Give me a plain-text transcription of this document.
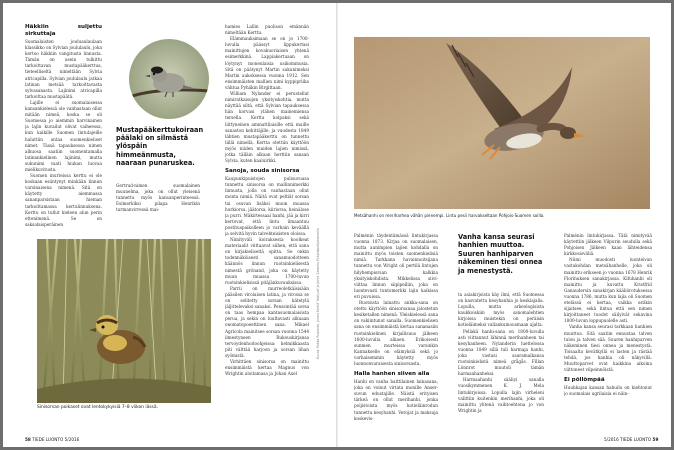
Häkkiin suljettu sirkuttaja

Suomalaisten jouluaulaulaan klassikko on Sylvian joululaulu, joka kertoo häkkiin vangitusta linnusta. Tämän on usein tulkittu tarkoittavan mustapääkerttua, tieteelliseltä nimeltään Sylvia atricapilla. Sylvian joululaulu jatkaa latinan metsää tarkoittavasta sylvasanasta. Lajinimi atricapilla tarkoittaa mustapäätä.

Lajille ei suomalaisessa kansankielessä ole vanhastaan ollut mitään nimeä, koska se oli Suomessa jo aiemmin harvinainen ja lajin kuvailut olivat vaiheessa, kun kaikille Suomen lintulajeille haluttiin antaa suomenkieliset nimet. Tässä tapauksessa nimen alkuosa saatiin suomentamalla latinankielinen lajinimi, mutta sukunimi vaati hiukan luovaa mielikuvitusta.

Suomen murteissa kerttu ei ole koskaan esiintynyt minkään linnun varsinaisena nimenä. Sitä on käytetty aiemmassa sananparsistaan hieman tarkoittamassa kertulinnuksena. Kerttu on tullut kieleen alun perin ettenimenä. Se on saksalaisperäinen

Mustapääkerttukoiraan päälaki on silmästä ylöspäin himmeänmusta, naaraan punaruskea.

Gertrud-nimen suomalainen muunelma, joka on ollut yleisenä tunnettu myös kansanperinteessä. Esimerkiksi pilapa Henrikin turmanvirressä mai-

hamies Lallin puolison emännän nimeltään Kerttu.

Elämmauksimaan se on jo 1700-luvulla päässyt lippukertasi mainittujen kovakuoriaisen yhtenä esimerkkinä. Lappiakertuaan on löytynyt monenlaisia usikommusia. Sitä on päätynyt Martin sukunimeksi Martin aukoksessa vuonna 1912. Sen ensimmäisten mallien nimi kyppipriika vähtua Pyhäkin Birgittaan.

William Nylander ei perustellut nimiratkaisujen yksityiskohtia, mutta näyttää siltä, että Sylvian tapauksessa hän korvasi ylähen mainemiensa tersella. Kertta kolpaksi sekä liittyneinen ammattilaisille että muille sanaston kehittäjille, ja vuodesta 1849 lähtien mustapääkerttu on tunnettu tällä nimellä. Kertta otettiin käyttöön myös niiden muiden lajien nimissä, jotka tälläin alkaan herttiin sanaan Sylvia, kuten kaaluirkki.

Sanoja, souda sinisorsa

Kaupunkipuistojen pulisuvuasa tunnettu sinisorsa on mallinnimerkki linnusta, jolla on vanhastaan ollut monta nimiä. Näitä ovat peltiät sorsan tai osuvan lisäksi muun muassa hurkiorsa, jäätorsa, kiiriorsa, heinälose ja purri. Mäkirtessaai hanhi, jää ja kirri kertovat, että lintu ilmaantuu postituspaikolleen jo varhain keväällä ja selvitä hyvin talvehteisisten oloissa.

Nimityväli koiraksesta koolkeat materiaalit viittaavat siihen, että sana on kirjakieliseltä opitta. Se onkin todennäköisesti sanamuodotteen käännös linnun ruotsinkielisestä nimestä grönand, joka on käytetty muun muassa 1700-luvun ruotsinkielisissä pitäjänkuvauksissa.

Parrii on murreoletkäisisään pääsilen virolaisen latina, ja virossa se on selitetty sorsan kätetylä jäljittelevaksi sanaksi. Penssintää sorsa on taas hempaa kantasuomalaisista perua, ja sekin on luultavasti alkuaan onomatopoeettinen sana. Mikael Agricola mainitsee sorsan vuonna 1544 ilmestyneen Rukouskirjansa tervoydenhoitoohjeissa: kelmikkaasta piti välttää harjoon ja sorsan lihan syömistä.

Virhittäen sinisorsa on mainittu ensimmäistä kertaa Magnus von Wrightin aloitamasa ja Johan Axel

Sinisorsan poikaset ovat lentokykyisiä 7–8 viikon iässä.
Kuvat: Pekka Rusanen, Jonna Ernist Yesilyurt ja Jonni Salmela Pohjoispohjanmaalla
58 TIEDE LUONTO 5/2016
Metsähanhi on meriharhea vähän pienempi. Lintu pesii harvakseltaan Pohjois-Suomen soilla.

Palménin täydentämässä lintukirjassa vuonna 1873. Kirjaa on suomalaisen, mutta aunimpien lajien kohdalla on mainittu myös toisten suomenkielisiä nimiä. Tarkkana havainnoitsijana tunnettu von Wright oli pertilä lintujen hilyhempiorsan kalkkia yksityiskohdista. Mikkelissa siivi- viittaa linnun siipipeiliin, joka on luontevasti tuntomerkki lajin kaikissa eri puvuissa.

Ruotsista lainattu ankka-sana on otettu käyttöön sinisorsanaa jalostetun kesiketallen nimenä. Yleiskielessä sana on vakiintunut sanalla. Suomenkielisen sana on ensimmäistä kertaa sananasiin ruotsinkielinen kirjallisuus jälkeen 1600-luvulla alkaen. Erikoisesti sunmen murteissa varsinkin Kannakselle on elämyksiä sekä jo varhaisemmin käytetty myös luonnonvaraisesta sinisorsasta.

Halla hanhen siiven alla

Hanhi on vanha balttilainen lainasana, joka on voinut virtata monille Anser-suvun edustajille. Näistä erityisen tärkeä on ollut merihanhi, jonka poijistoista myös kotieläinrodun tunnettu kesyhanhi. Verojat ja maksuja koskevis-

Vanha kansa seurasi hanhien muuttoa. Suuren hanhiparven näkeminen tiesi onnea ja menestystä.

ta asiakirjoista käy ilmi, että Suomessa on kasvatettu kesyhanhia jo keskiajalla. Lopulla, mutta arkeologisista kaukkoiskiin myös sanomalehtien kirjoissa muistekin on peräisin kotieläimeksi vallankumousmaan ajalta.

Pellakä hanhi-sana on 1800-luvulla asti viittannut lähinnä merihanheen tai kesyhanheen. Nylanderin luettelossa vuonna 1849 sillä tuli harmaja hanhi, joka vastasi saaramalkansa ruotsinkielistä nimeä grågås. Fillan Lönnrot muutoli tämän harmaahanheksi.

Harmaahanhi sääliyi sanalla vuosikymmenen K. J. Mela lintukirjoissa. Lopulla lajin virheleni valittiin kuitenkin merihanhi, joka oli mainittu yhtenä vaihtoehtona jo von Wrightin ja

Palménin lintukirjassa. Tätä nimityvää käytettiin jälkeen Vilpurin seudulla sekä Pohjoisen Jälkeen kaan lähteidensa kirkkosisväliä.

Niimi muodosti luonteivan vastakohdan metsähanhelle, joka oli mainittu erikseen jo vuonna 1678 Henrik Florinuksen sanakirjassa. Kifuhanhi oli mainittu ja kuvattu Kristfrid Ganaudersin sanakirjan kääliörotuksessa vuonna 1786, mutta kun lajia oli Suomen etelässä ei kertaa, vaikka ostikin sijaitsee, sekä lintua että sen nimen kirjoittaneet tuodot säilyivät sekavina 1800-luvun loppupuolelle asti.

Vanha kansa seurasi tarkkaan hanhien muuttoa. Sitä saatiin ennustaa talven tulon ja talven sää. Suuren hanhiparven näkeminen tiesi onnea ja menestystä. Toisaalta kevätkyllä ei lasten ja rästää tehdä, jos hanhia oli näkyvillä. Muuttoparvet ovat kaikkina aikoina viittoneet vilpeinnöistä.

Ei pöllömpää

Huuhkajan kansan hahuilu on kiehtonut jo suomalais ugrilaisia ei näin-

5/2016 TIEDE LUONTO 59
